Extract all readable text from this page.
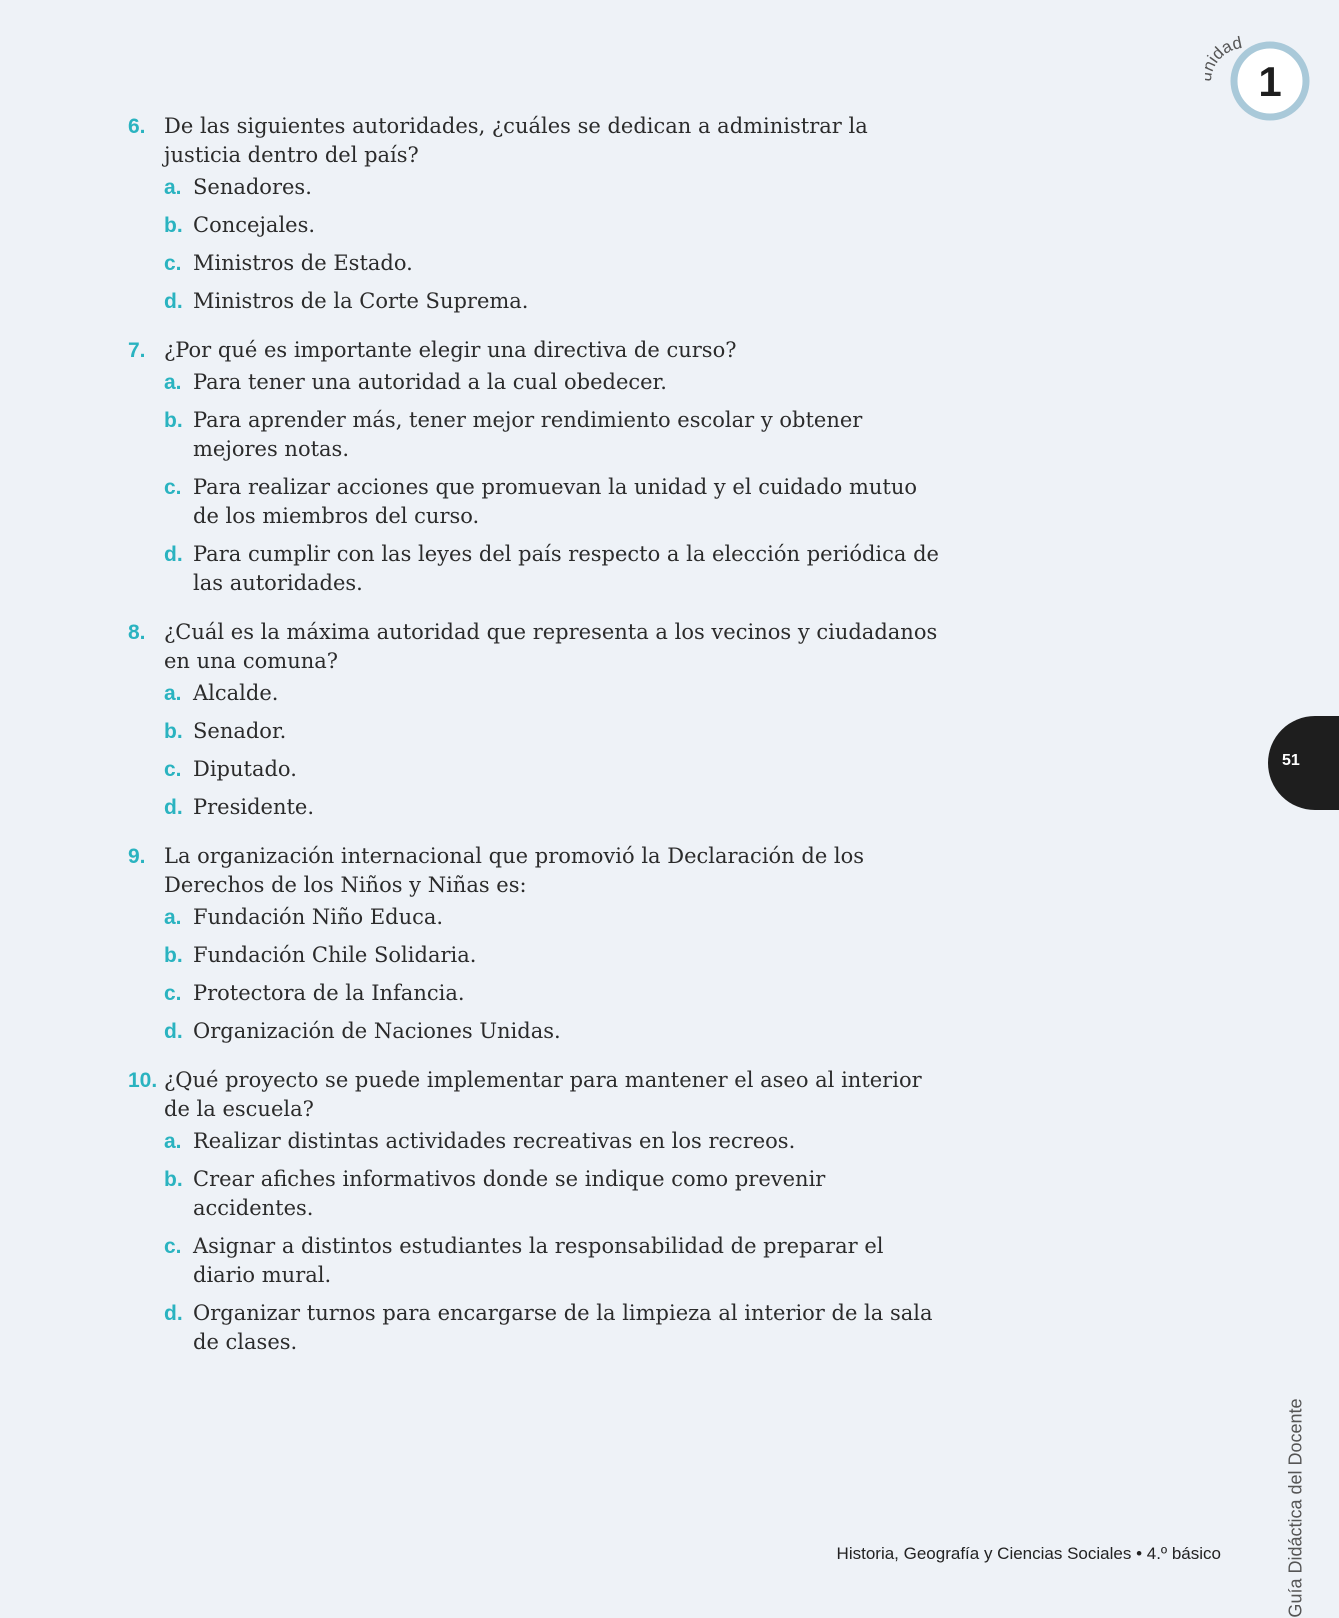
idad
1
6. De las siguientes autoridades, ¿cuáles se dedican a administrar la justicia dentro del país?
a. Senadores.
b. Concejales.
c. Ministros de Estado.
d. Ministros de la Corte Suprema.
7. ¿Por qué es importante elegir una directiva de curso?
a. Para tener una autoridad a la cual obedecer.
b. Para aprender más, tener mejor rendimiento escolar y obtener mejores notas.
c. Para realizar acciones que promuevan la unidad y el cuidado mutuo de los miembros del curso.
d. Para cumplir con las leyes del país respecto a la elección periódica de las autoridades.
8. ¿Cuál es la máxima autoridad que representa a los vecinos y ciudadanos en una comuna?
a. Alcalde.
b. Senador.
c. Diputado.
d. Presidente.
9. La organización internacional que promovió la Declaración de los Derechos de los Niños y Niñas es:
a. Fundación Niño Educa.
b. Fundación Chile Solidaria.
c. Protectora de la Infancia.
d. Organización de Naciones Unidas.
10. ¿Qué proyecto se puede implementar para mantener el aseo al interior de la escuela?
a. Realizar distintas actividades recreativas en los recreos.
b. Crear afiches informativos donde se indique como prevenir accidentes.
c. Asignar a distintos estudiantes la responsabilidad de preparar el diario mural.
d. Organizar turnos para encargarse de la limpieza al interior de la sala de clases.
51
Guía Didáctica del Docente
Historia, Geografía y Ciencias Sociales • 4.º básico
